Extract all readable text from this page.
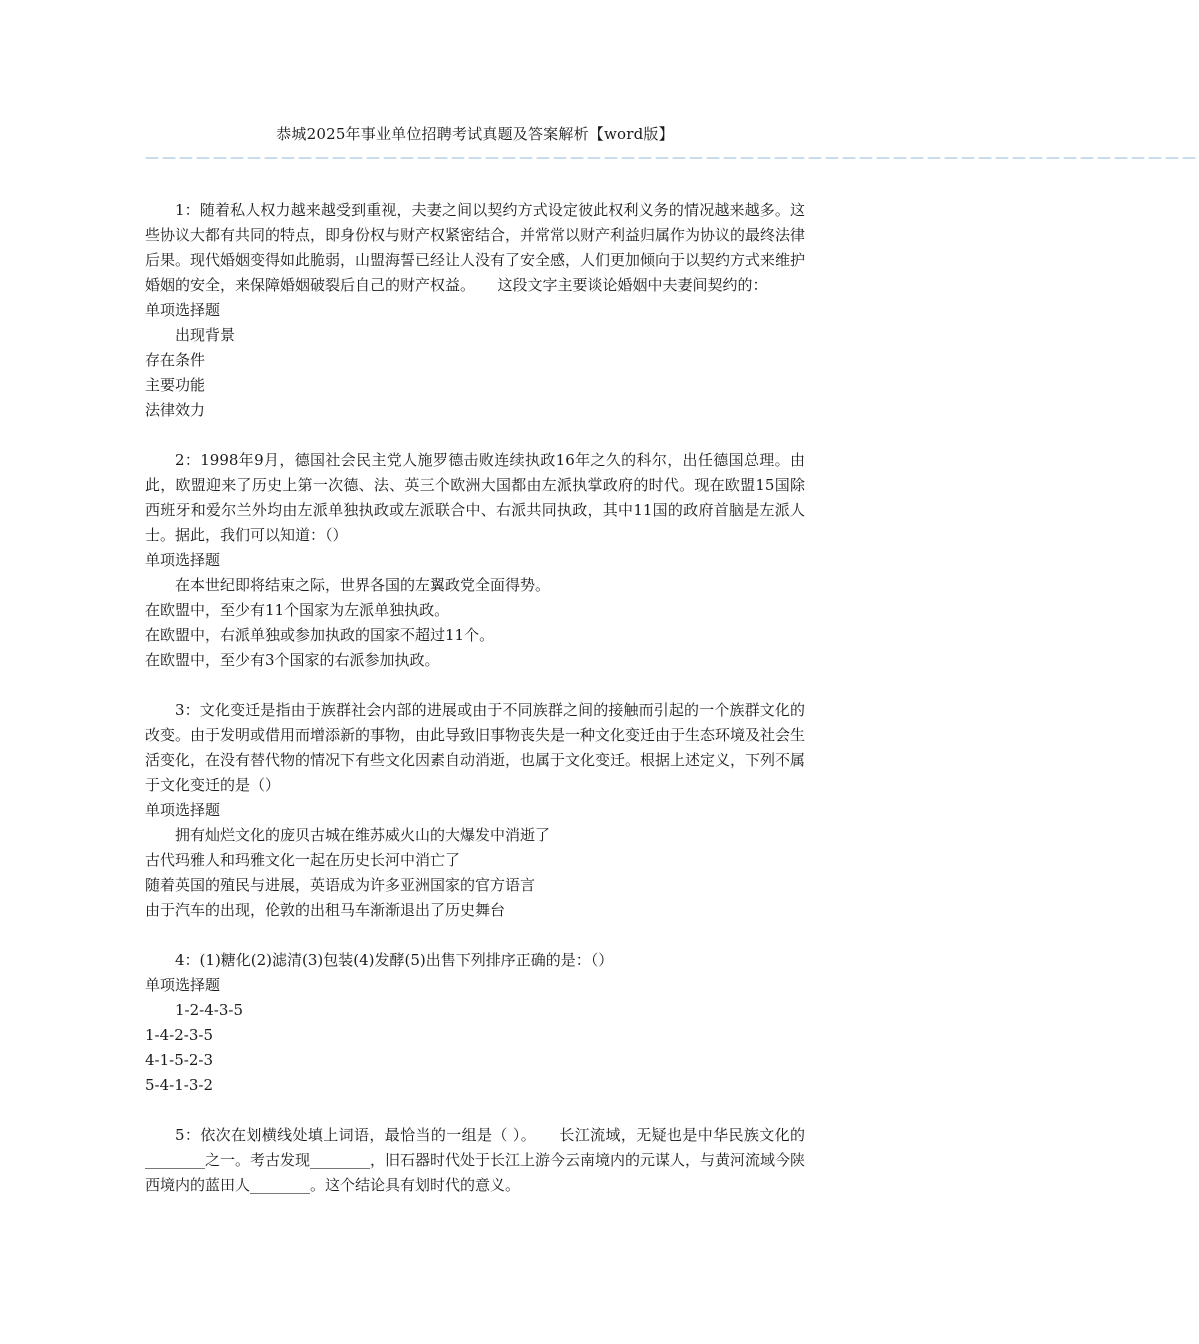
恭城2025年事业单位招聘考试真题及答案解析【word版】
——————————————————————————————————————————————————————————————
1：随着私人权力越来越受到重视，夫妻之间以契约方式设定彼此权利义务的情况越来越多。这些协议大都有共同的特点，即身份权与财产权紧密结合，并常常以财产利益归属作为协议的最终法律后果。现代婚姻变得如此脆弱，山盟海誓已经让人没有了安全感，人们更加倾向于以契约方式来维护婚姻的安全，来保障婚姻破裂后自己的财产权益。　　这段文字主要谈论婚姻中夫妻间契约的：
单项选择题
出现背景
存在条件
主要功能
法律效力
2：1998年9月，德国社会民主党人施罗德击败连续执政16年之久的科尔，出任德国总理。由此，欧盟迎来了历史上第一次德、法、英三个欧洲大国都由左派执掌政府的时代。现在欧盟15国除西班牙和爱尔兰外均由左派单独执政或左派联合中、右派共同执政，其中11国的政府首脑是左派人士。据此，我们可以知道：（）
单项选择题
在本世纪即将结束之际，世界各国的左翼政党全面得势。
在欧盟中，至少有11个国家为左派单独执政。
在欧盟中，右派单独或参加执政的国家不超过11个。
在欧盟中，至少有3个国家的右派参加执政。
3：文化变迁是指由于族群社会内部的进展或由于不同族群之间的接触而引起的一个族群文化的改变。由于发明或借用而增添新的事物，由此导致旧事物丧失是一种文化变迁由于生态环境及社会生活变化，在没有替代物的情况下有些文化因素自动消逝，也属于文化变迁。根据上述定义，下列不属于文化变迁的是（）
单项选择题
拥有灿烂文化的庞贝古城在维苏威火山的大爆发中消逝了
古代玛雅人和玛雅文化一起在历史长河中消亡了
随着英国的殖民与进展，英语成为许多亚洲国家的官方语言
由于汽车的出现，伦敦的出租马车渐渐退出了历史舞台
4：(1)糖化(2)滤清(3)包装(4)发酵(5)出售下列排序正确的是：（）
单项选择题
1-2-4-3-5
1-4-2-3-5
4-1-5-2-3
5-4-1-3-2
5：依次在划横线处填上词语，最恰当的一组是（ ）。　　长江流域，无疑也是中华民族文化的________之一。考古发现________，旧石器时代处于长江上游今云南境内的元谋人，与黄河流域今陕西境内的蓝田人________。这个结论具有划时代的意义。
